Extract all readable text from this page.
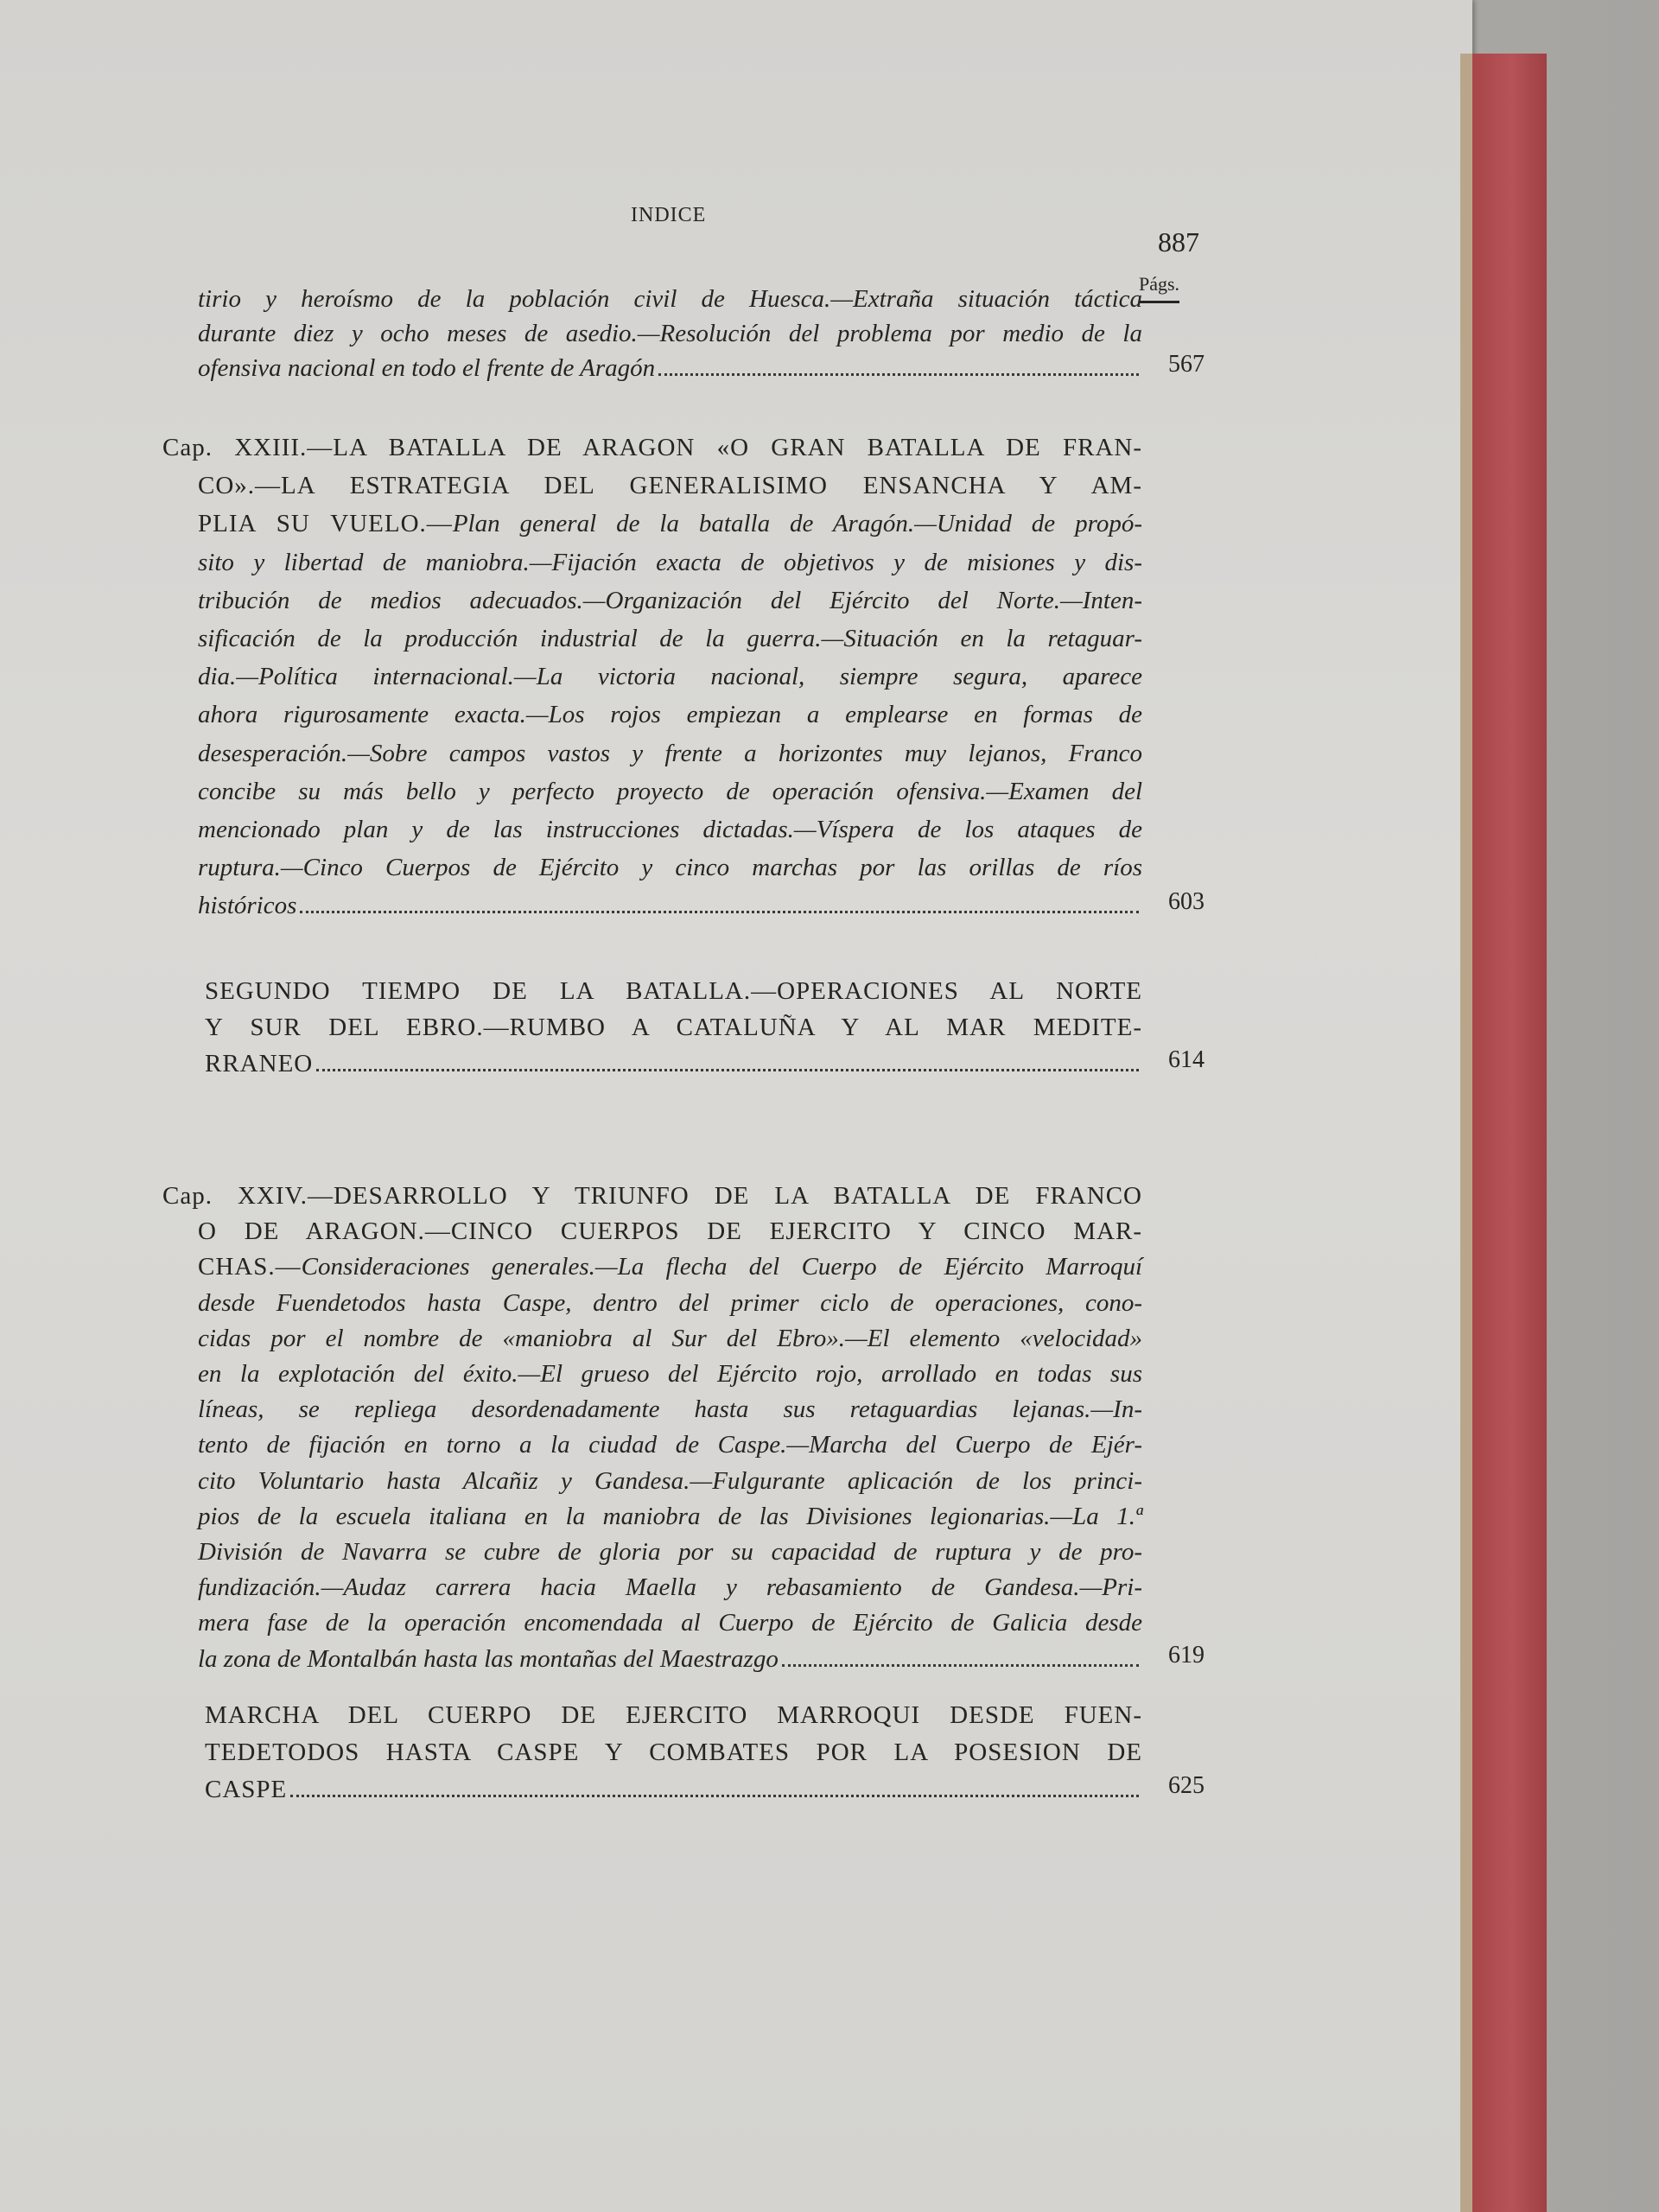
INDICE
887
Págs.
tirio y heroísmo de la población civil de Huesca.—Extraña situación táctica
durante diez y ocho meses de asedio.—Resolución del problema por medio de la
ofensiva nacional en todo el frente de Aragón	567
Cap. XXIII.—LA BATALLA DE ARAGON «O GRAN BATALLA DE FRAN-
CO».—LA ESTRATEGIA DEL GENERALISIMO ENSANCHA Y AM-
PLIA SU VUELO.—Plan general de la batalla de Aragón.—Unidad de propó-
sito y libertad de maniobra.—Fijación exacta de objetivos y de misiones y dis-
tribución de medios adecuados.—Organización del Ejército del Norte.—Inten-
sificación de la producción industrial de la guerra.—Situación en la retaguar-
dia.—Política internacional.—La victoria nacional, siempre segura, aparece
ahora rigurosamente exacta.—Los rojos empiezan a emplearse en formas de
desesperación.—Sobre campos vastos y frente a horizontes muy lejanos, Franco
concibe su más bello y perfecto proyecto de operación ofensiva.—Examen del
mencionado plan y de las instrucciones dictadas.—Víspera de los ataques de
ruptura.—Cinco Cuerpos de Ejército y cinco marchas por las orillas de ríos
históricos	603
SEGUNDO TIEMPO DE LA BATALLA.—OPERACIONES AL NORTE
Y SUR DEL EBRO.—RUMBO A CATALUÑA Y AL MAR MEDITE-
RRANEO	614
Cap. XXIV.—DESARROLLO Y TRIUNFO DE LA BATALLA DE FRANCO
O DE ARAGON.—CINCO CUERPOS DE EJERCITO Y CINCO MAR-
CHAS.—Consideraciones generales.—La flecha del Cuerpo de Ejército Marroquí
desde Fuendetodos hasta Caspe, dentro del primer ciclo de operaciones, cono-
cidas por el nombre de «maniobra al Sur del Ebro».—El elemento «velocidad»
en la explotación del éxito.—El grueso del Ejército rojo, arrollado en todas sus
líneas, se repliega desordenadamente hasta sus retaguardias lejanas.—In-
tento de fijación en torno a la ciudad de Caspe.—Marcha del Cuerpo de Ejér-
cito Voluntario hasta Alcañiz y Gandesa.—Fulgurante aplicación de los princi-
pios de la escuela italiana en la maniobra de las Divisiones legionarias.—La 1.ª
División de Navarra se cubre de gloria por su capacidad de ruptura y de pro-
fundización.—Audaz carrera hacia Maella y rebasamiento de Gandesa.—Pri-
mera fase de la operación encomendada al Cuerpo de Ejército de Galicia desde
la zona de Montalbán hasta las montañas del Maestrazgo	619
MARCHA DEL CUERPO DE EJERCITO MARROQUI DESDE FUEN-
TEDETODOS HASTA CASPE Y COMBATES POR LA POSESION DE
CASPE	625
